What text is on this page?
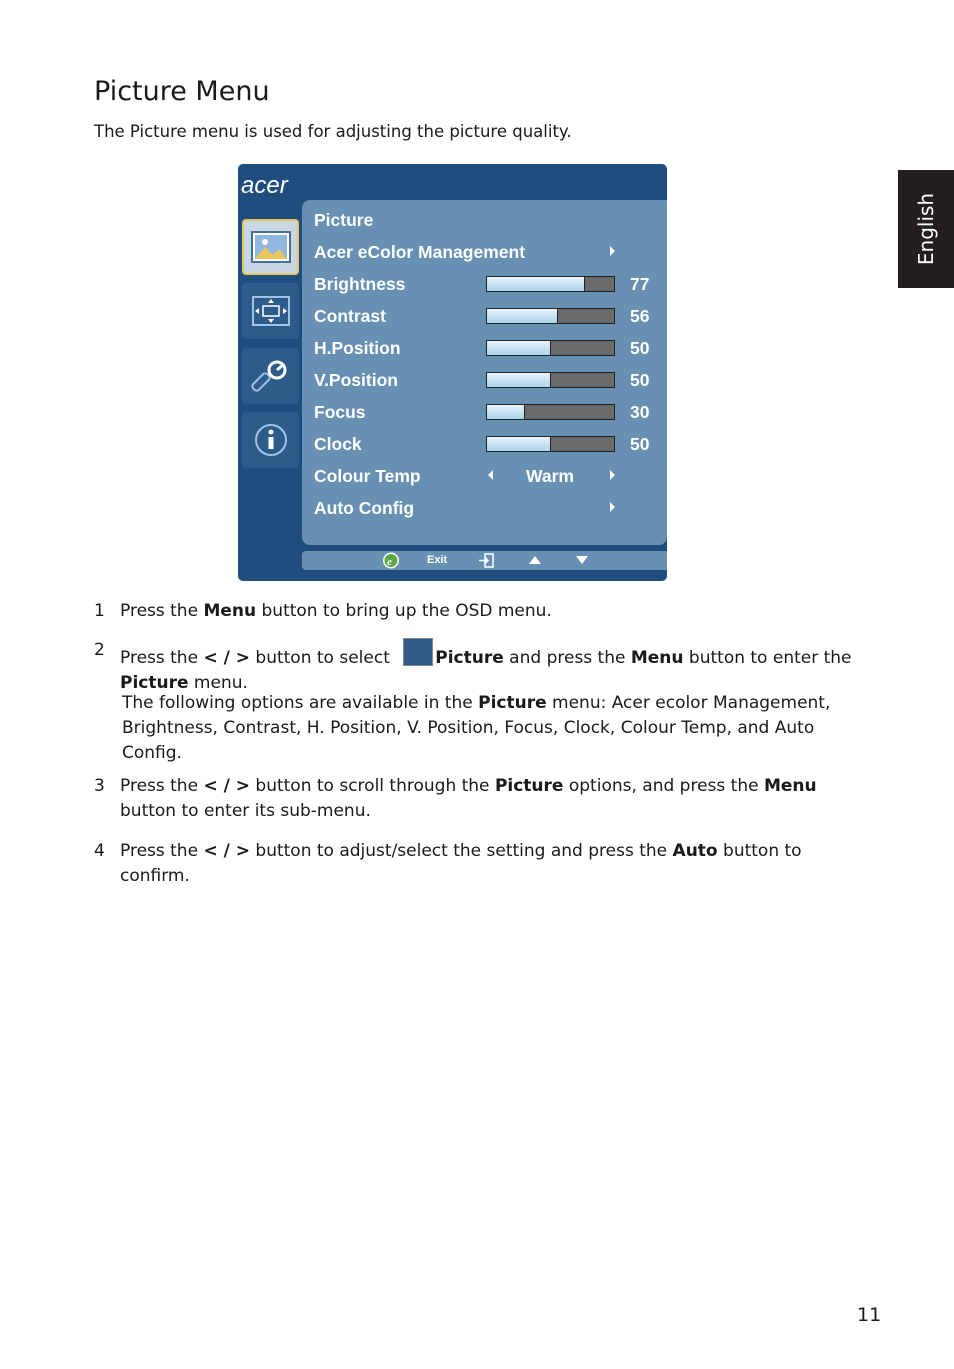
Picture Menu

The Picture menu is used for adjusting the picture quality.

English
acer
Picture
Acer eColor Management
Brightness	77
Contrast	56
H.Position	50
V.Position	50
Focus	30
Clock	50
Colour Temp	Warm
Auto Config
e	Exit
1 Press the Menu button to bring up the OSD menu.
2 Press the < / > button to select Picture and press the Menu button to enter the Picture menu.
The following options are available in the Picture menu: Acer ecolor Management, Brightness, Contrast, H. Position, V. Position, Focus, Clock, Colour Temp, and Auto Config.
3 Press the < / > button to scroll through the Picture options, and press the Menu button to enter its sub-menu.
4 Press the < / > button to adjust/select the setting and press the Auto button to confirm.
11
